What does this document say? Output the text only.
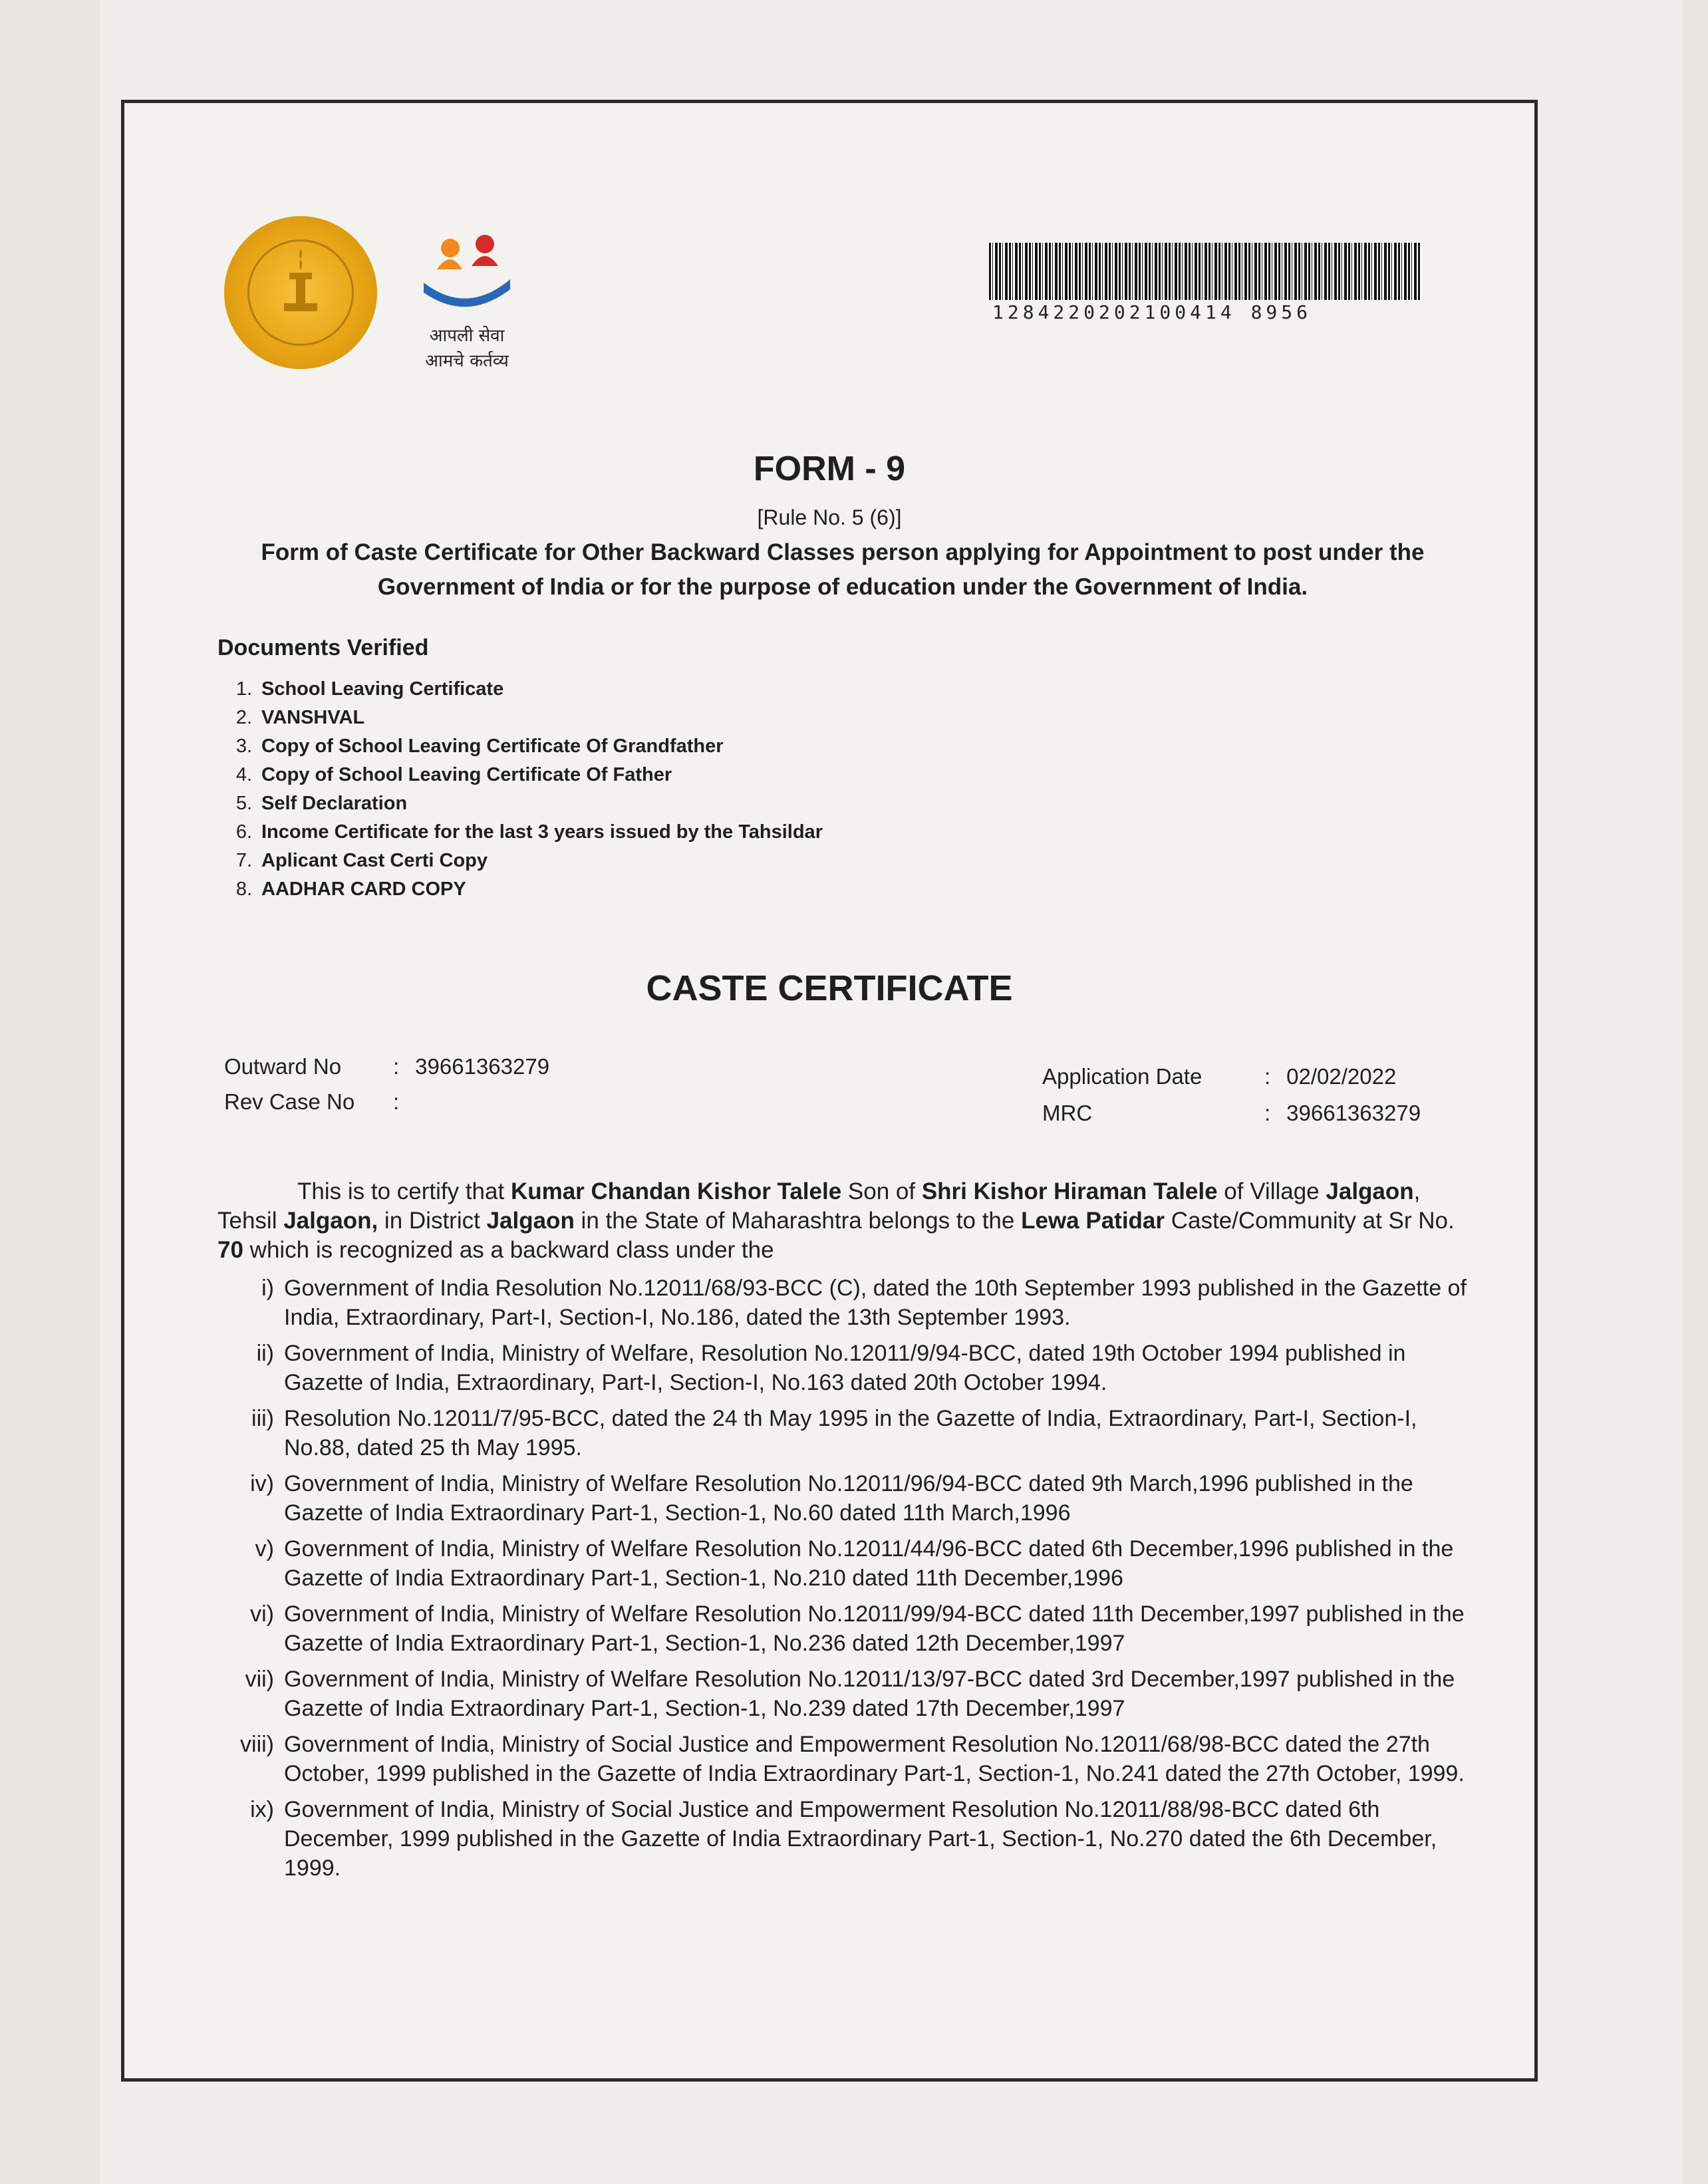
आपली सेवा
आमचे कर्तव्य
1284220202100414 8956
FORM - 9
[Rule No. 5 (6)]
Form of Caste Certificate for Other Backward Classes person applying for Appointment to post under the Government of India or for the purpose of education under the Government of India.
Documents Verified
1. School Leaving Certificate
2. VANSHVAL
3. Copy of School Leaving Certificate Of Grandfather
4. Copy of School Leaving Certificate Of Father
5. Self Declaration
6. Income Certificate for the last 3 years issued by the Tahsildar
7. Aplicant Cast Certi Copy
8. AADHAR CARD COPY
CASTE CERTIFICATE
Outward No : 39661363279
Rev Case No :
Application Date	: 02/02/2022
MRC	: 39661363279
This is to certify that Kumar Chandan Kishor Talele Son of Shri Kishor Hiraman Talele of Village Jalgaon, Tehsil Jalgaon, in District Jalgaon in the State of Maharashtra belongs to the Lewa Patidar Caste/Community at Sr No. 70 which is recognized as a backward class under the
i) Government of India Resolution No.12011/68/93-BCC (C), dated the 10th September 1993 published in the Gazette of India, Extraordinary, Part-I, Section-I, No.186, dated the 13th September 1993.
ii) Government of India, Ministry of Welfare, Resolution No.12011/9/94-BCC, dated 19th October 1994 published in Gazette of India, Extraordinary, Part-I, Section-I, No.163 dated 20th October 1994.
iii) Resolution No.12011/7/95-BCC, dated the 24 th May 1995 in the Gazette of India, Extraordinary, Part-I, Section-I, No.88, dated 25 th May 1995.
iv) Government of India, Ministry of Welfare Resolution No.12011/96/94-BCC dated 9th March,1996 published in the Gazette of India Extraordinary Part-1, Section-1, No.60 dated 11th March,1996
v) Government of India, Ministry of Welfare Resolution No.12011/44/96-BCC dated 6th December,1996 published in the Gazette of India Extraordinary Part-1, Section-1, No.210 dated 11th December,1996
vi) Government of India, Ministry of Welfare Resolution No.12011/99/94-BCC dated 11th December,1997 published in the Gazette of India Extraordinary Part-1, Section-1, No.236 dated 12th December,1997
vii) Government of India, Ministry of Welfare Resolution No.12011/13/97-BCC dated 3rd December,1997 published in the Gazette of India Extraordinary Part-1, Section-1, No.239 dated 17th December,1997
viii) Government of India, Ministry of Social Justice and Empowerment Resolution No.12011/68/98-BCC dated the 27th October, 1999 published in the Gazette of India Extraordinary Part-1, Section-1, No.241 dated the 27th October, 1999.
ix) Government of India, Ministry of Social Justice and Empowerment Resolution No.12011/88/98-BCC dated 6th December, 1999 published in the Gazette of India Extraordinary Part-1, Section-1, No.270 dated the 6th December, 1999.
